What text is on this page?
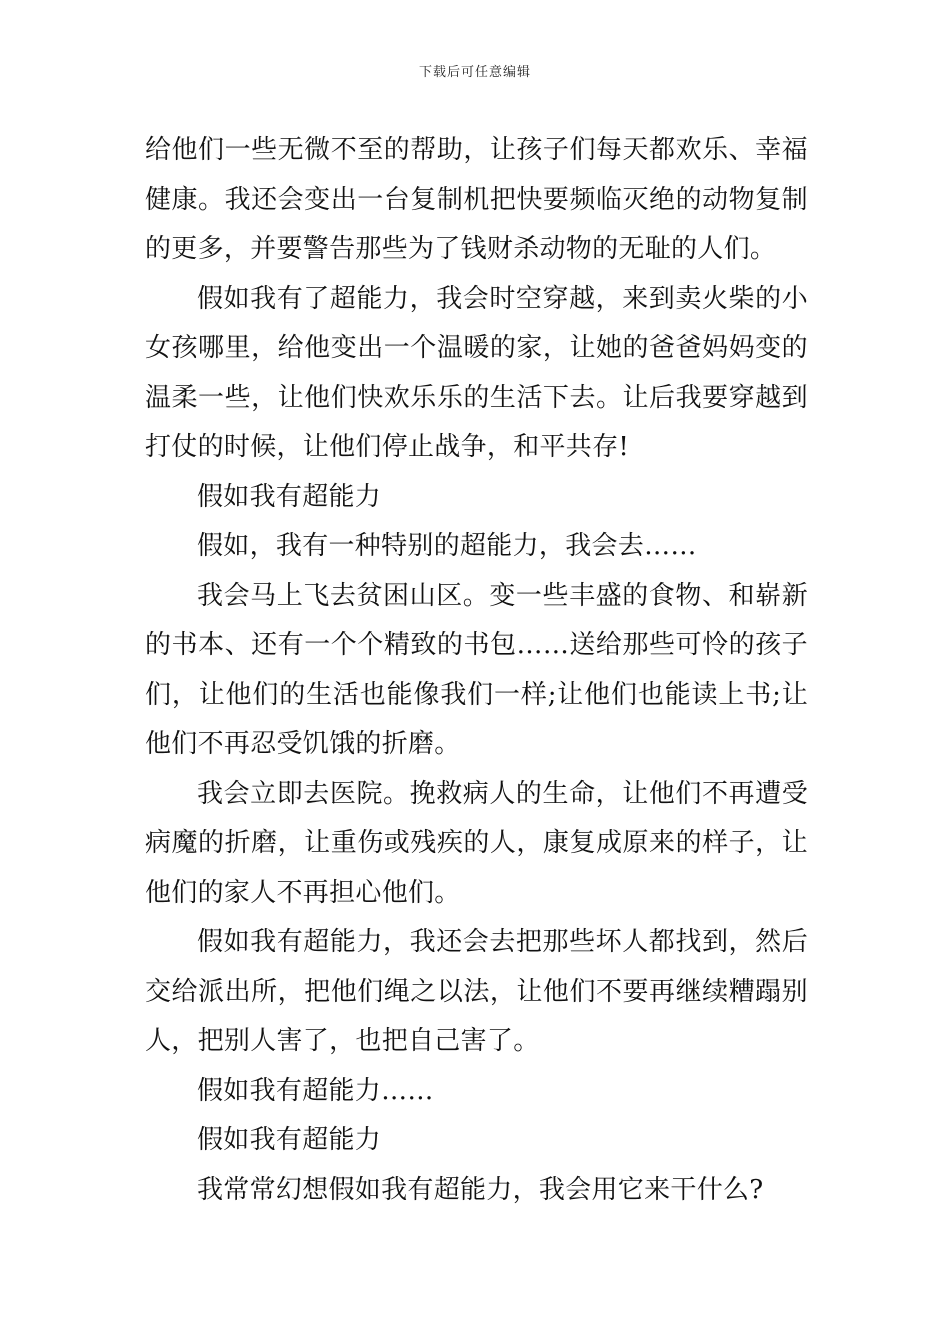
下载后可任意编辑

给他们一些无微不至的帮助，让孩子们每天都欢乐、幸福健康。我还会变出一台复制机把快要频临灭绝的动物复制的更多，并要警告那些为了钱财杀动物的无耻的人们。

假如我有了超能力，我会时空穿越，来到卖火柴的小女孩哪里，给他变出一个温暖的家，让她的爸爸妈妈变的温柔一些，让他们快欢乐乐的生活下去。让后我要穿越到打仗的时候，让他们停止战争，和平共存!

假如我有超能力

假如，我有一种特别的超能力，我会去……

我会马上飞去贫困山区。变一些丰盛的食物、和崭新的书本、还有一个个精致的书包……送给那些可怜的孩子们，让他们的生活也能像我们一样;让他们也能读上书;让他们不再忍受饥饿的折磨。

我会立即去医院。挽救病人的生命，让他们不再遭受病魔的折磨，让重伤或残疾的人，康复成原来的样子，让他们的家人不再担心他们。

假如我有超能力，我还会去把那些坏人都找到，然后交给派出所，把他们绳之以法，让他们不要再继续糟蹋别人，把别人害了，也把自己害了。

假如我有超能力……

假如我有超能力

我常常幻想假如我有超能力，我会用它来干什么?
